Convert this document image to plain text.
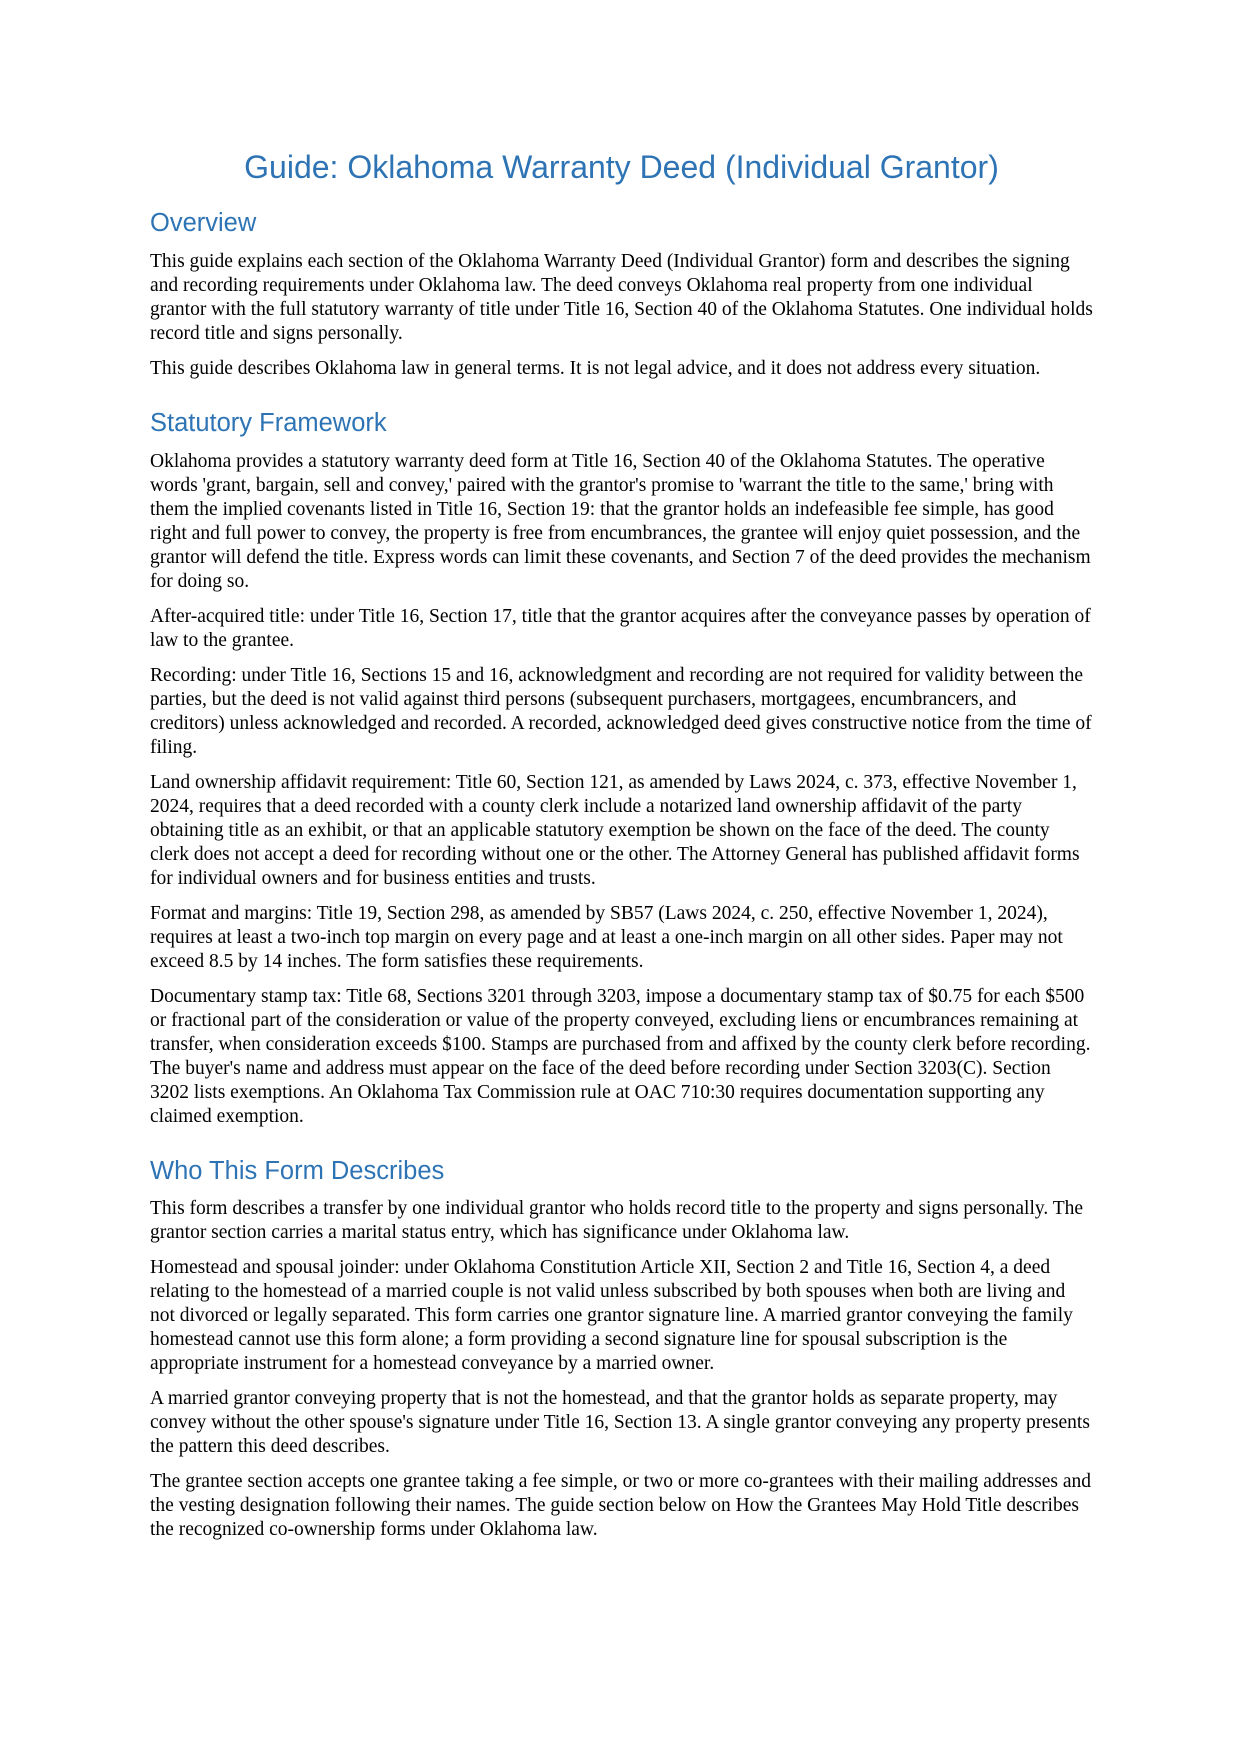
Guide: Oklahoma Warranty Deed (Individual Grantor)
Overview

This guide explains each section of the Oklahoma Warranty Deed (Individual Grantor) form and describes the signing and recording requirements under Oklahoma law. The deed conveys Oklahoma real property from one individual grantor with the full statutory warranty of title under Title 16, Section 40 of the Oklahoma Statutes. One individual holds record title and signs personally.

This guide describes Oklahoma law in general terms. It is not legal advice, and it does not address every situation.

Statutory Framework

Oklahoma provides a statutory warranty deed form at Title 16, Section 40 of the Oklahoma Statutes. The operative words 'grant, bargain, sell and convey,' paired with the grantor's promise to 'warrant the title to the same,' bring with them the implied covenants listed in Title 16, Section 19: that the grantor holds an indefeasible fee simple, has good right and full power to convey, the property is free from encumbrances, the grantee will enjoy quiet possession, and the grantor will defend the title. Express words can limit these covenants, and Section 7 of the deed provides the mechanism for doing so.

After-acquired title: under Title 16, Section 17, title that the grantor acquires after the conveyance passes by operation of law to the grantee.

Recording: under Title 16, Sections 15 and 16, acknowledgment and recording are not required for validity between the parties, but the deed is not valid against third persons (subsequent purchasers, mortgagees, encumbrancers, and creditors) unless acknowledged and recorded. A recorded, acknowledged deed gives constructive notice from the time of filing.

Land ownership affidavit requirement: Title 60, Section 121, as amended by Laws 2024, c. 373, effective November 1, 2024, requires that a deed recorded with a county clerk include a notarized land ownership affidavit of the party obtaining title as an exhibit, or that an applicable statutory exemption be shown on the face of the deed. The county clerk does not accept a deed for recording without one or the other. The Attorney General has published affidavit forms for individual owners and for business entities and trusts.

Format and margins: Title 19, Section 298, as amended by SB57 (Laws 2024, c. 250, effective November 1, 2024), requires at least a two-inch top margin on every page and at least a one-inch margin on all other sides. Paper may not exceed 8.5 by 14 inches. The form satisfies these requirements.

Documentary stamp tax: Title 68, Sections 3201 through 3203, impose a documentary stamp tax of $0.75 for each $500 or fractional part of the consideration or value of the property conveyed, excluding liens or encumbrances remaining at transfer, when consideration exceeds $100. Stamps are purchased from and affixed by the county clerk before recording. The buyer's name and address must appear on the face of the deed before recording under Section 3203(C). Section 3202 lists exemptions. An Oklahoma Tax Commission rule at OAC 710:30 requires documentation supporting any claimed exemption.

Who This Form Describes

This form describes a transfer by one individual grantor who holds record title to the property and signs personally. The grantor section carries a marital status entry, which has significance under Oklahoma law.

Homestead and spousal joinder: under Oklahoma Constitution Article XII, Section 2 and Title 16, Section 4, a deed relating to the homestead of a married couple is not valid unless subscribed by both spouses when both are living and not divorced or legally separated. This form carries one grantor signature line. A married grantor conveying the family homestead cannot use this form alone; a form providing a second signature line for spousal subscription is the appropriate instrument for a homestead conveyance by a married owner.

A married grantor conveying property that is not the homestead, and that the grantor holds as separate property, may convey without the other spouse's signature under Title 16, Section 13. A single grantor conveying any property presents the pattern this deed describes.

The grantee section accepts one grantee taking a fee simple, or two or more co-grantees with their mailing addresses and the vesting designation following their names. The guide section below on How the Grantees May Hold Title describes the recognized co-ownership forms under Oklahoma law.
